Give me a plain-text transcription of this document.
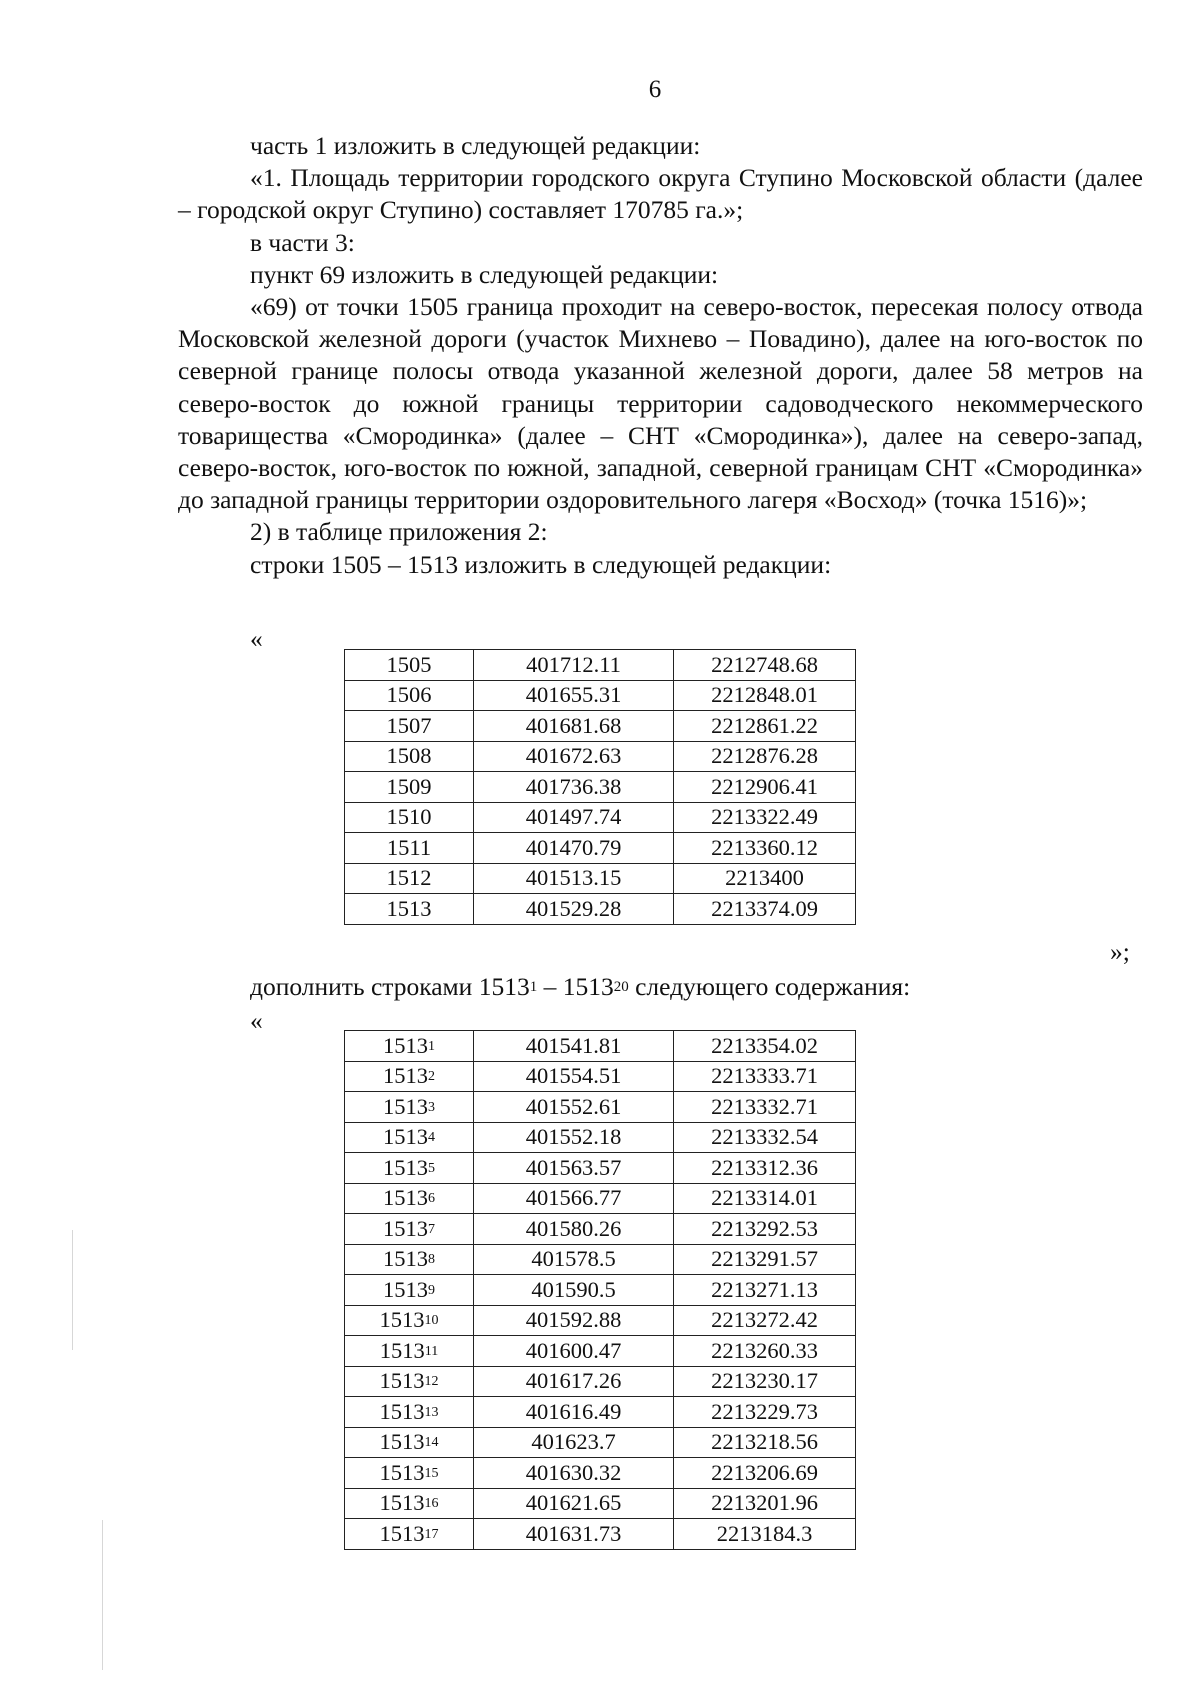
6

часть 1 изложить в следующей редакции:

«1. Площадь территории городского округа Ступино Московской области (далее – городской округ Ступино) составляет 170785 га.»;

в части 3:

пункт 69 изложить в следующей редакции:

«69) от точки 1505 граница проходит на северо-восток, пересекая полосу отвода Московской железной дороги (участок Михнево – Повадино), далее на юго-восток по северной границе полосы отвода указанной железной дороги, далее 58 метров на северо-восток до южной границы территории садоводческого некоммерческого товарищества «Смородинка» (далее – СНТ «Смородинка»), далее на северо-запад, северо-восток, юго-восток по южной, западной, северной границам СНТ «Смородинка» до западной границы территории оздоровительного лагеря «Восход» (точка 1516)»;

2) в таблице приложения 2:

строки 1505 – 1513 изложить в следующей редакции:

«
1505	401712.11	2212748.68
1506	401655.31	2212848.01
1507	401681.68	2212861.22
1508	401672.63	2212876.28
1509	401736.38	2212906.41
1510	401497.74	2213322.49
1511	401470.79	2213360.12
1512	401513.15	2213400
1513	401529.28	2213374.09
»;
дополнить строками 1513$^1$ – 1513$^{20}$ следующего содержания:
«
1513$^1$	401541.81	2213354.02
1513$^2$	401554.51	2213333.71
1513$^3$	401552.61	2213332.71
1513$^4$	401552.18	2213332.54
1513$^5$	401563.57	2213312.36
1513$^6$	401566.77	2213314.01
1513$^7$	401580.26	2213292.53
1513$^8$	401578.5	2213291.57
1513$^9$	401590.5	2213271.13
1513$^{10}$	401592.88	2213272.42
1513$^{11}$	401600.47	2213260.33
1513$^{12}$	401617.26	2213230.17
1513$^{13}$	401616.49	2213229.73
1513$^{14}$	401623.7	2213218.56
1513$^{15}$	401630.32	2213206.69
1513$^{16}$	401621.65	2213201.96
1513$^{17}$	401631.73	2213184.3
